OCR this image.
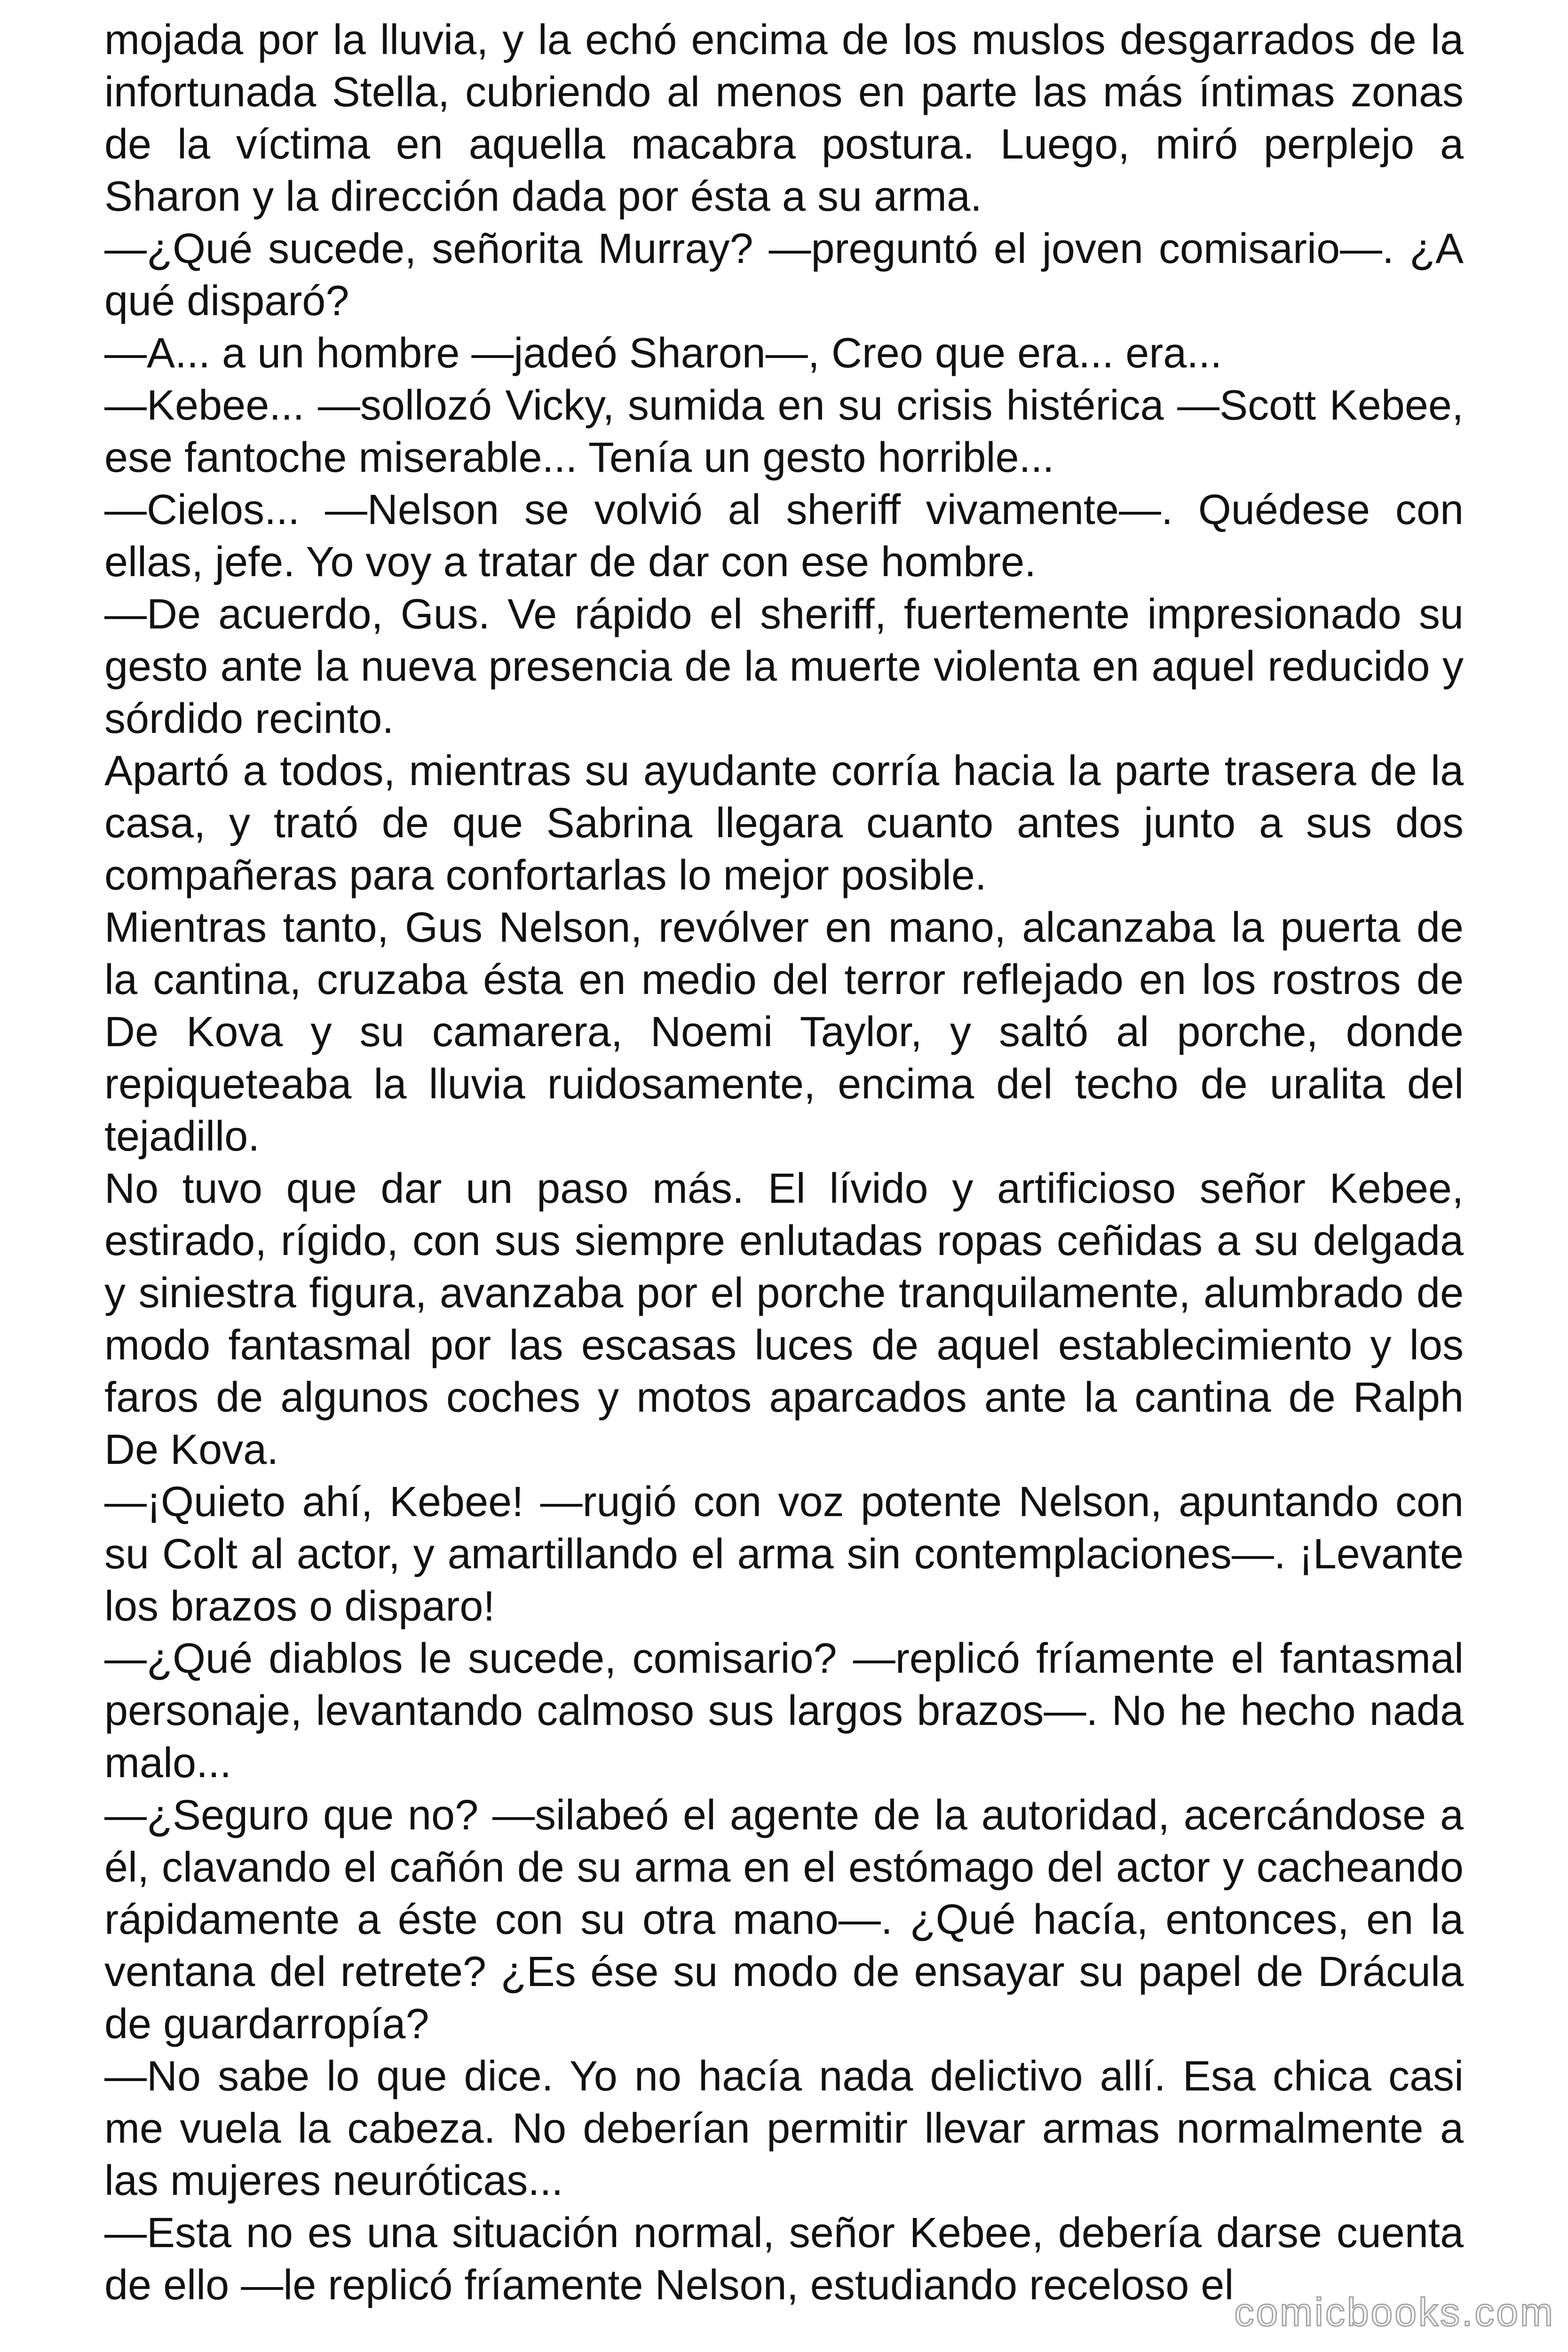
mojada por la lluvia, y la echó encima de los muslos desgarrados de la infortunada Stella, cubriendo al menos en parte las más íntimas zonas de la víctima en aquella macabra postura. Luego, miró perplejo a Sharon y la dirección dada por ésta a su arma.

—¿Qué sucede, señorita Murray? —preguntó el joven comisario—. ¿A qué disparó?

—A... a un hombre —jadeó Sharon—, Creo que era... era...

—Kebee... —sollozó Vicky, sumida en su crisis histérica —Scott Kebee, ese fantoche miserable... Tenía un gesto horrible...

—Cielos... —Nelson se volvió al sheriff vivamente—. Quédese con ellas, jefe. Yo voy a tratar de dar con ese hombre.

—De acuerdo, Gus. Ve rápido el sheriff, fuertemente impresionado su gesto ante la nueva presencia de la muerte violenta en aquel reducido y sórdido recinto.

Apartó a todos, mientras su ayudante corría hacia la parte trasera de la casa, y trató de que Sabrina llegara cuanto antes junto a sus dos compañeras para confortarlas lo mejor posible.

Mientras tanto, Gus Nelson, revólver en mano, alcanzaba la puerta de la cantina, cruzaba ésta en medio del terror reflejado en los rostros de De Kova y su camarera, Noemi Taylor, y saltó al porche, donde repiqueteaba la lluvia ruidosamente, encima del techo de uralita del tejadillo.

No tuvo que dar un paso más. El lívido y artificioso señor Kebee, estirado, rígido, con sus siempre enlutadas ropas ceñidas a su delgada y siniestra figura, avanzaba por el porche tranquilamente, alumbrado de modo fantasmal por las escasas luces de aquel establecimiento y los faros de algunos coches y motos aparcados ante la cantina de Ralph De Kova.

—¡Quieto ahí, Kebee! —rugió con voz potente Nelson, apuntando con su Colt al actor, y amartillando el arma sin contemplaciones—. ¡Levante los brazos o disparo!

—¿Qué diablos le sucede, comisario? —replicó fríamente el fantasmal personaje, levantando calmoso sus largos brazos—. No he hecho nada malo...

—¿Seguro que no? —silabeó el agente de la autoridad, acercándose a él, clavando el cañón de su arma en el estómago del actor y cacheando rápidamente a éste con su otra mano—. ¿Qué hacía, entonces, en la ventana del retrete? ¿Es ése su modo de ensayar su papel de Drácula de guardarropía?

—No sabe lo que dice. Yo no hacía nada delictivo allí. Esa chica casi me vuela la cabeza. No deberían permitir llevar armas normalmente a las mujeres neuróticas...

—Esta no es una situación normal, señor Kebee, debería darse cuenta de ello —le replicó fríamente Nelson, estudiando receloso el

comicbooks.com
